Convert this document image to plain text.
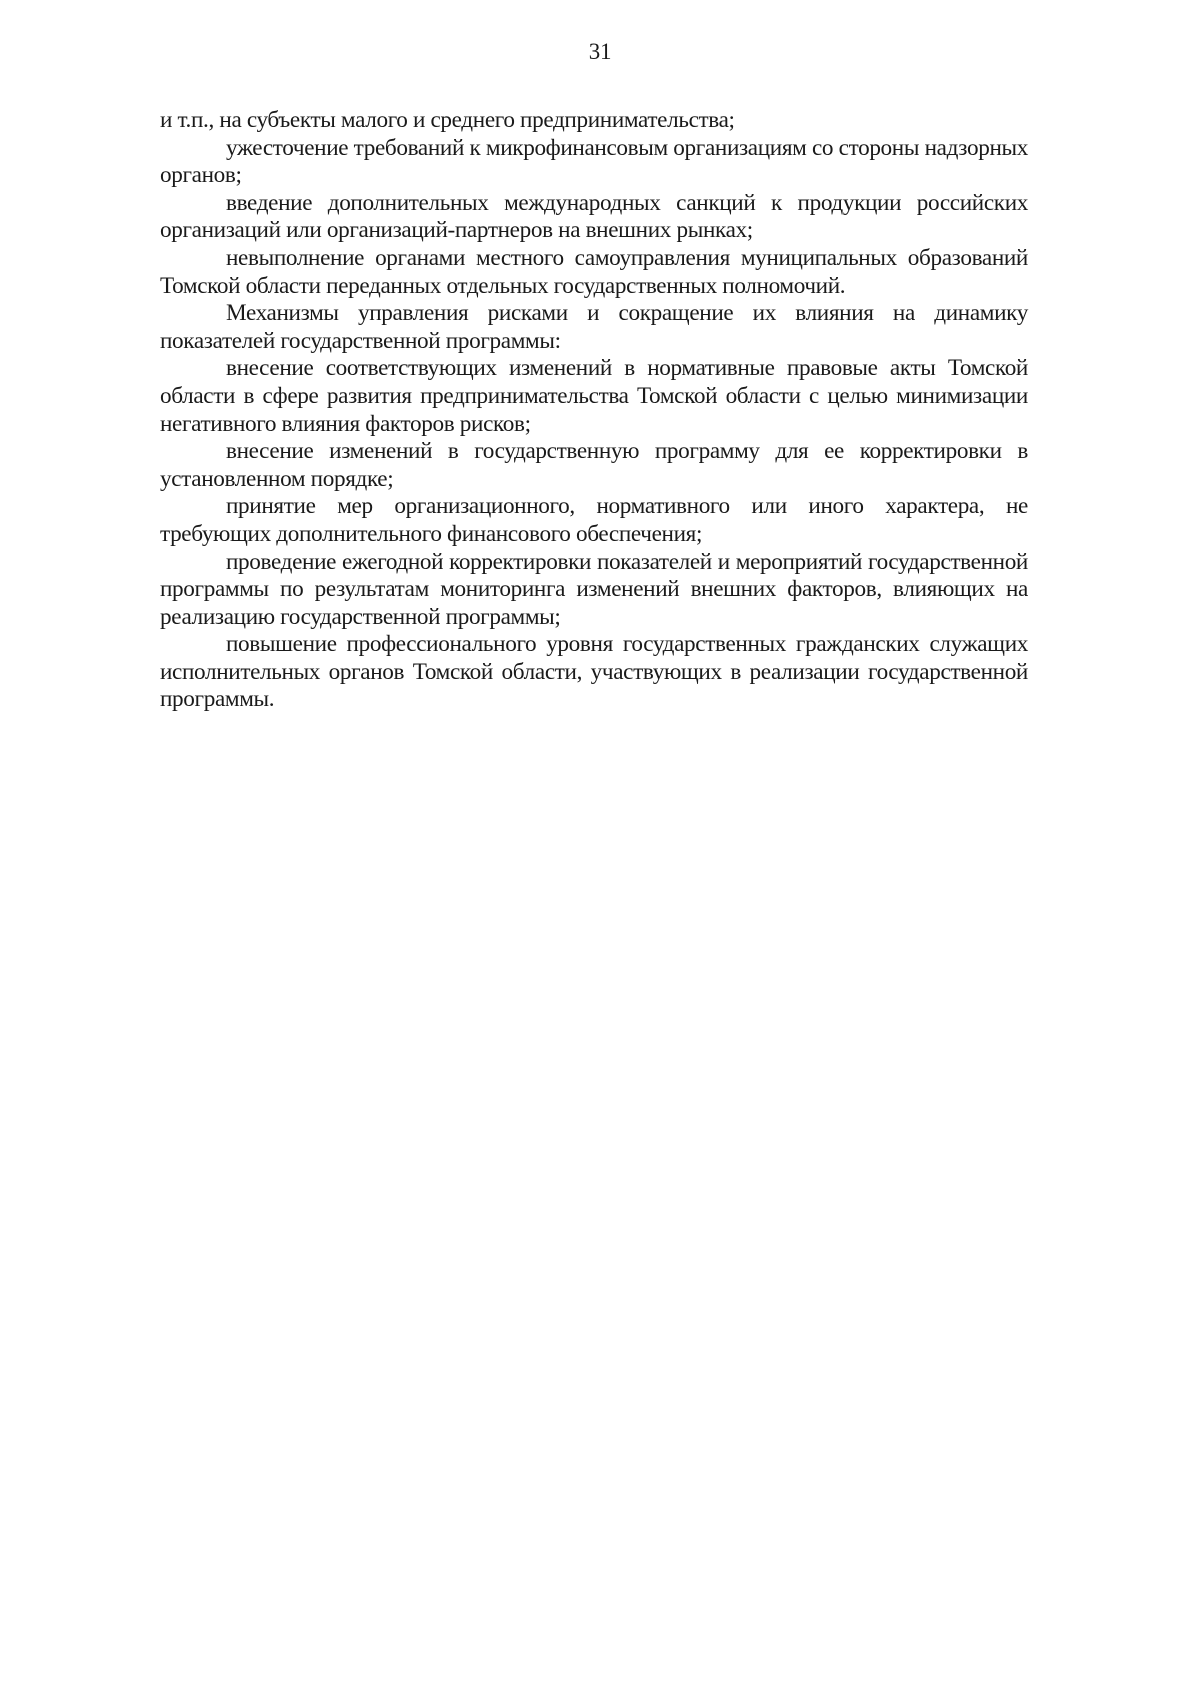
31

и т.п., на субъекты малого и среднего предпринимательства;

ужесточение требований к микрофинансовым организациям со стороны надзорных органов;

введение дополнительных международных санкций к продукции российских организаций или организаций-партнеров на внешних рынках;

невыполнение органами местного самоуправления муниципальных образований Томской области переданных отдельных государственных полномочий.

Механизмы управления рисками и сокращение их влияния на динамику показателей государственной программы:

внесение соответствующих изменений в нормативные правовые акты Томской области в сфере развития предпринимательства Томской области с целью минимизации негативного влияния факторов рисков;

внесение изменений в государственную программу для ее корректировки в установленном порядке;

принятие мер организационного, нормативного или иного характера, не требующих дополнительного финансового обеспечения;

проведение ежегодной корректировки показателей и мероприятий государственной программы по результатам мониторинга изменений внешних факторов, влияющих на реализацию государственной программы;

повышение профессионального уровня государственных гражданских служащих исполнительных органов Томской области, участвующих в реализации государственной программы.
